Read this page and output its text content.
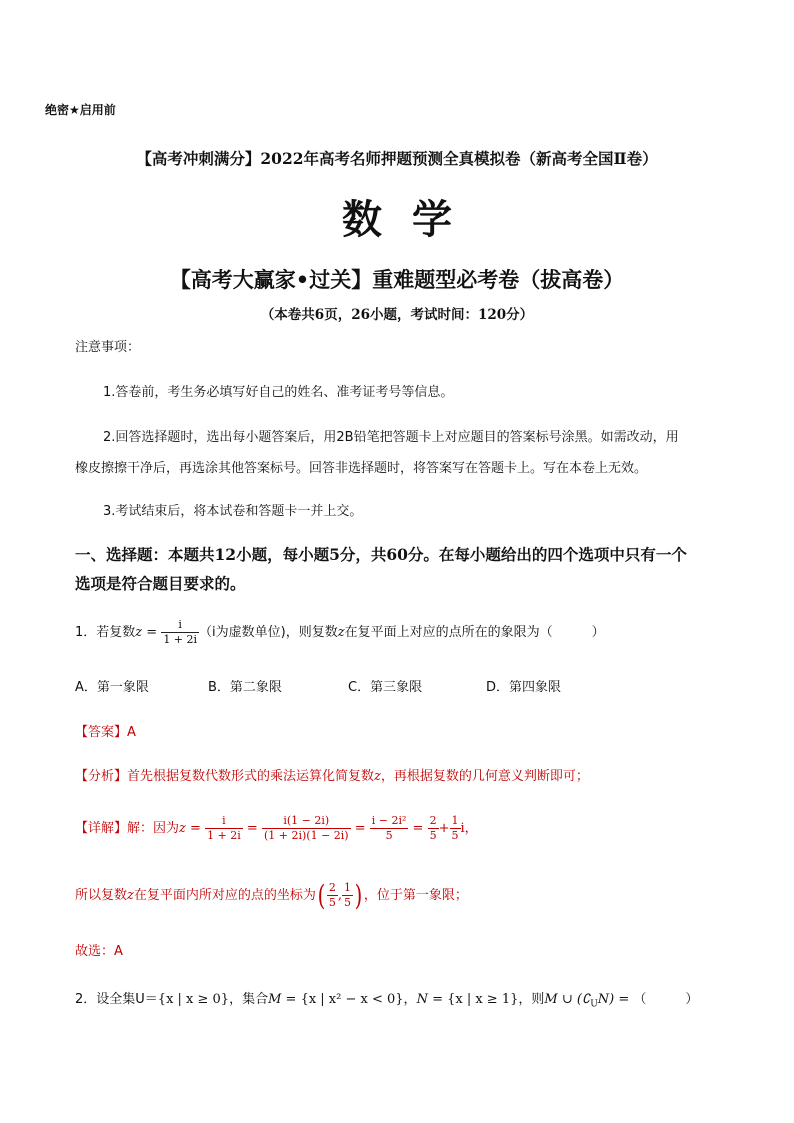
绝密★启用前
【高考冲刺满分】2022年高考名师押题预测全真模拟卷（新高考全国Ⅱ卷）
数学
【高考大赢家•过关】重难题型必考卷（拔高卷）
（本卷共6页，26小题，考试时间：120分）
注意事项：
1.答卷前，考生务必填写好自己的姓名、准考证考号等信息。
2.回答选择题时，选出每小题答案后，用2B铅笔把答题卡上对应题目的答案标号涂黑。如需改动，用
橡皮擦擦干净后，再选涂其他答案标号。回答非选择题时，将答案写在答题卡上。写在本卷上无效。
3.考试结束后，将本试卷和答题卡一并上交。
一、选择题：本题共12小题，每小题5分，共60分。在每小题给出的四个选项中只有一个
选项是符合题目要求的。
1．若复数$z = \frac{i}{1 + 2i} (i$为虚数单位)，则复数z在复平面上对应的点所在的象限为（　　　）
A．第一象限	B．第二象限	C．第三象限	D．第四象限
【答案】A
【分析】首先根据复数代数形式的乘法运算化简复数z，再根据复数的几何意义判断即可；
【详解】解：因为$z = \frac{i}{1 + 2i} = \frac{i(1 - 2i)}{(1 + 2i)(1 - 2i)} = \frac{\text{i − 2i²}}{5} = \frac{2}{5} + \frac{1}{5}$ i，
所以复数z在复平面内所对应的点的坐标为( $\frac{2}{5}$ , $\frac{1}{5}$ ) ，位于第一象限；
故选：A
2．设全集U＝{x | x ≥ 0}，集合M = {x | x² − x < 0}，N = {x | x ≥ 1}，则M ∪ $(∁_UN)$ = （　　　）
